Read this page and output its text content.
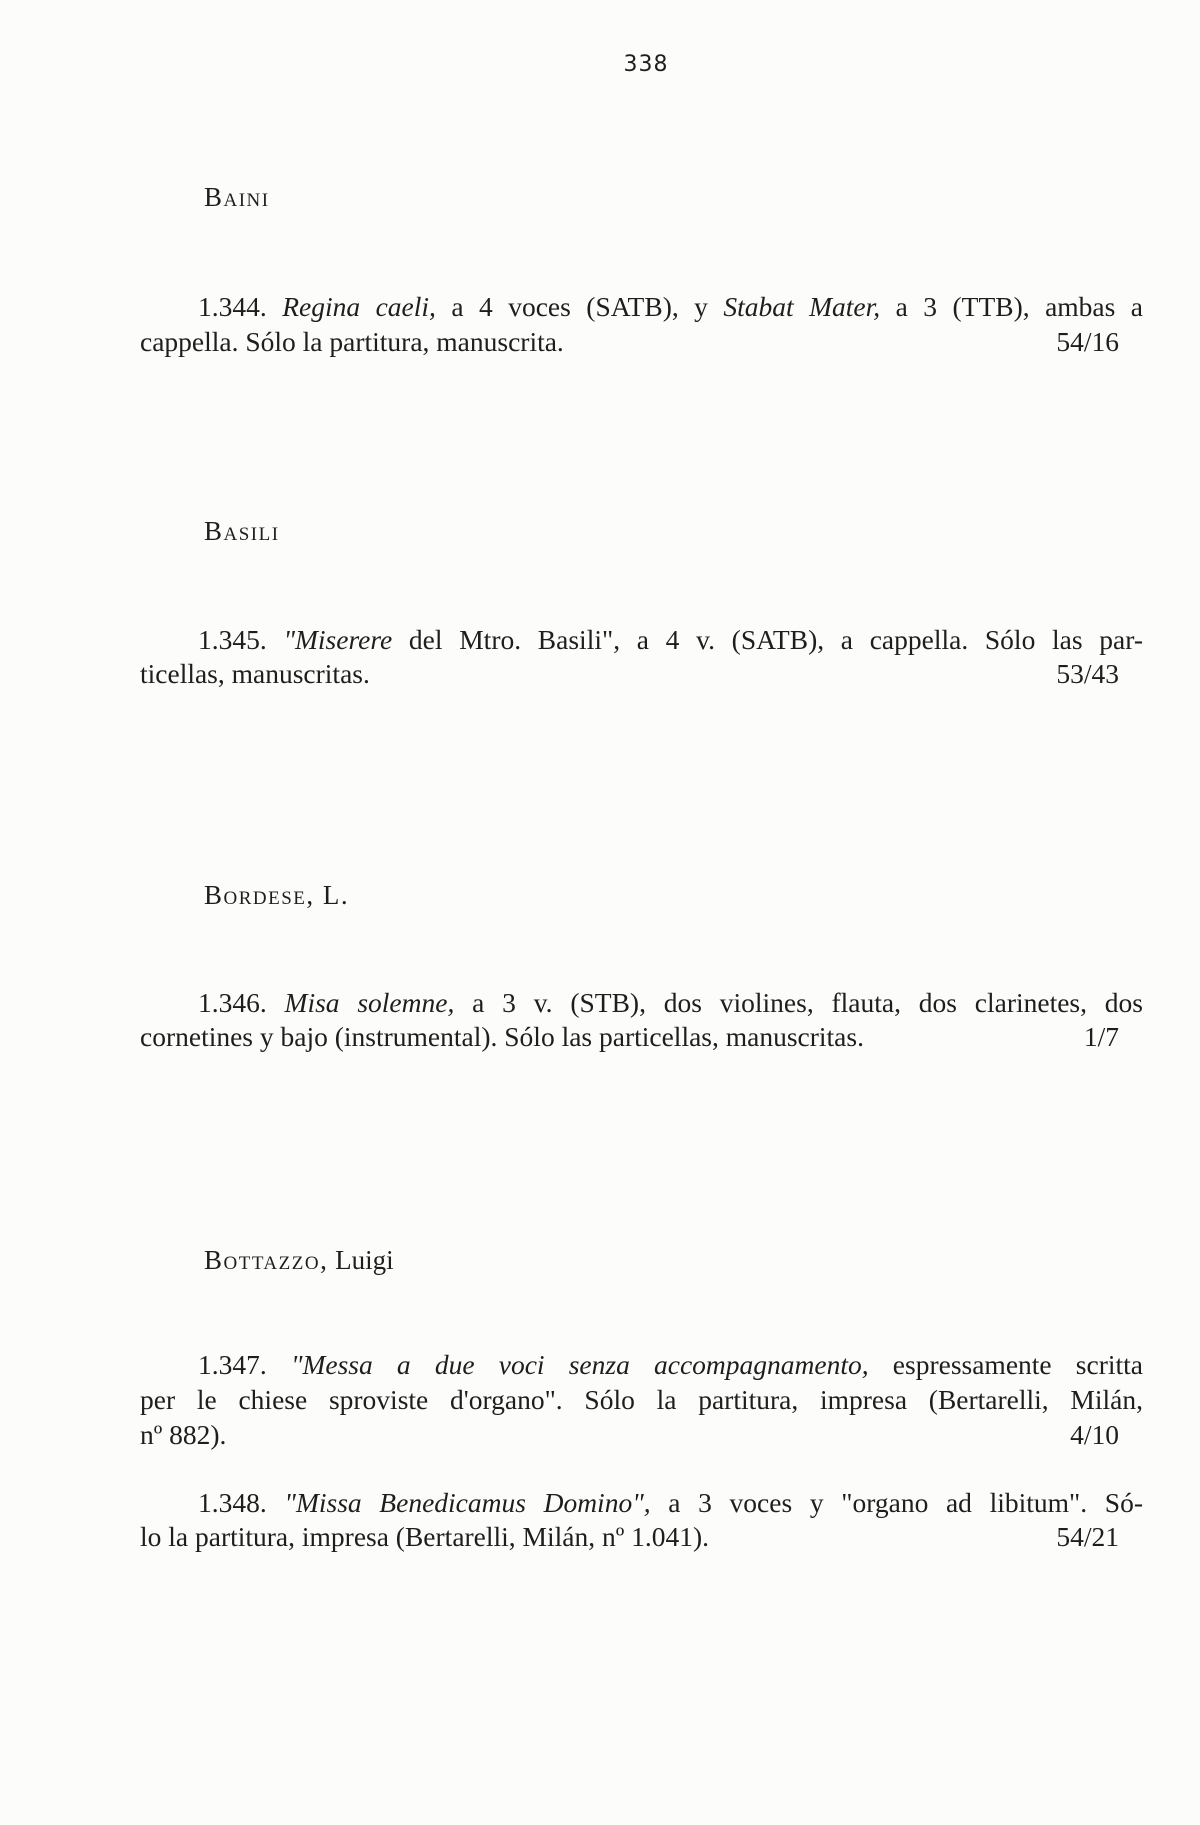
338
Baini
1.344. Regina caeli, a 4 voces (SATB), y Stabat Mater, a 3 (TTB), ambas a
cappella. Sólo la partitura, manuscrita.	54/16
Basili
1.345. "Miserere del Mtro. Basili", a 4 v. (SATB), a cappella. Sólo las par-
ticellas, manuscritas.	53/43
Bordese, L.
1.346. Misa solemne, a 3 v. (STB), dos violines, flauta, dos clarinetes, dos
cornetines y bajo (instrumental). Sólo las particellas, manuscritas.	1/7
Bottazzo, Luigi
1.347. "Messa a due voci senza accompagnamento, espressamente scritta
per le chiese sproviste d'organo". Sólo la partitura, impresa (Bertarelli, Milán,
nº 882).	4/10
1.348. "Missa Benedicamus Domino", a 3 voces y "organo ad libitum". Só-
lo la partitura, impresa (Bertarelli, Milán, nº 1.041).	54/21
